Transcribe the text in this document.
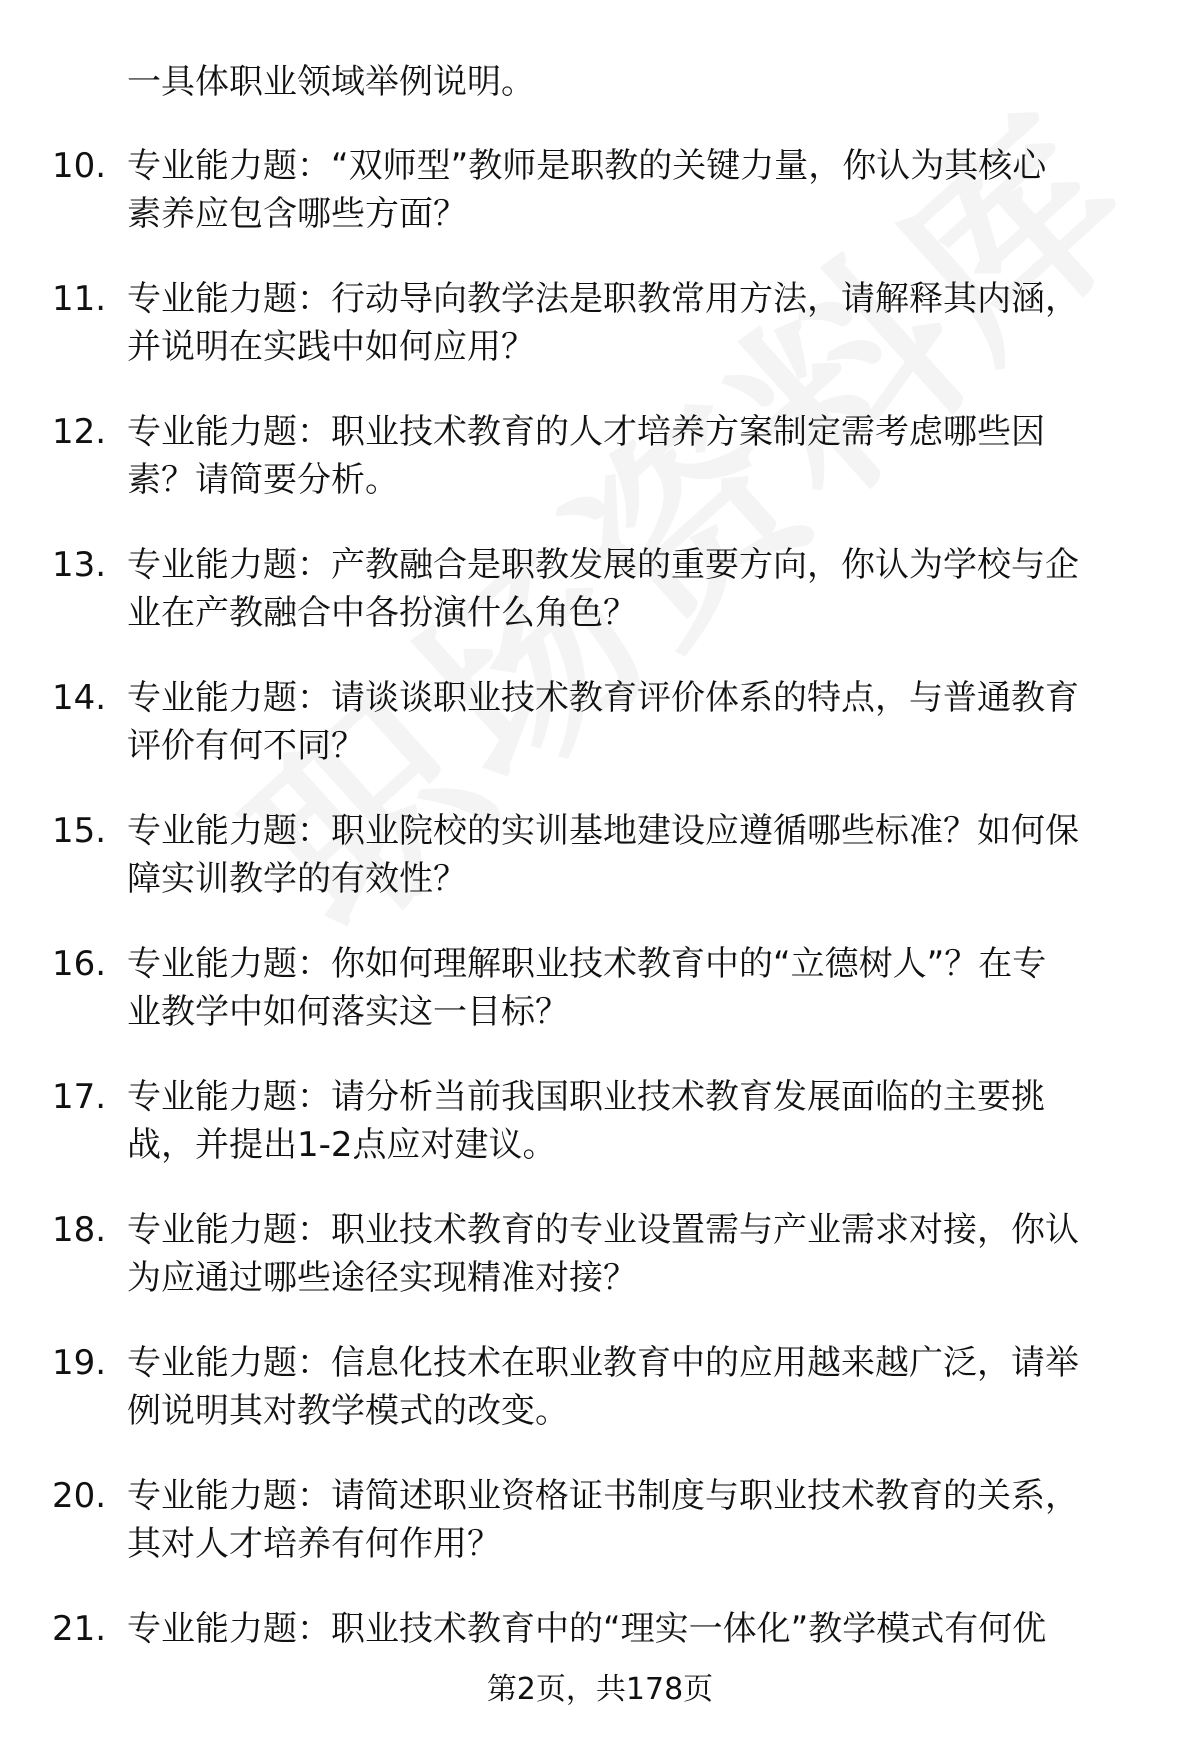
一具体职业领域举例说明。
10. 专业能力题：“双师型”教师是职教的关键力量，你认为其核心
素养应包含哪些方面？
11. 专业能力题：行动导向教学法是职教常用方法，请解释其内涵，
并说明在实践中如何应用？
12. 专业能力题：职业技术教育的人才培养方案制定需考虑哪些因
素？请简要分析。
13. 专业能力题：产教融合是职教发展的重要方向，你认为学校与企
业在产教融合中各扮演什么角色？
14. 专业能力题：请谈谈职业技术教育评价体系的特点，与普通教育
评价有何不同？
15. 专业能力题：职业院校的实训基地建设应遵循哪些标准？如何保
障实训教学的有效性？
16. 专业能力题：你如何理解职业技术教育中的“立德树人”？在专
业教学中如何落实这一目标？
17. 专业能力题：请分析当前我国职业技术教育发展面临的主要挑
战，并提出1-2点应对建议。
18. 专业能力题：职业技术教育的专业设置需与产业需求对接，你认
为应通过哪些途径实现精准对接？
19. 专业能力题：信息化技术在职业教育中的应用越来越广泛，请举
例说明其对教学模式的改变。
20. 专业能力题：请简述职业资格证书制度与职业技术教育的关系，
其对人才培养有何作用？
21. 专业能力题：职业技术教育中的“理实一体化”教学模式有何优
第2页，共178页
